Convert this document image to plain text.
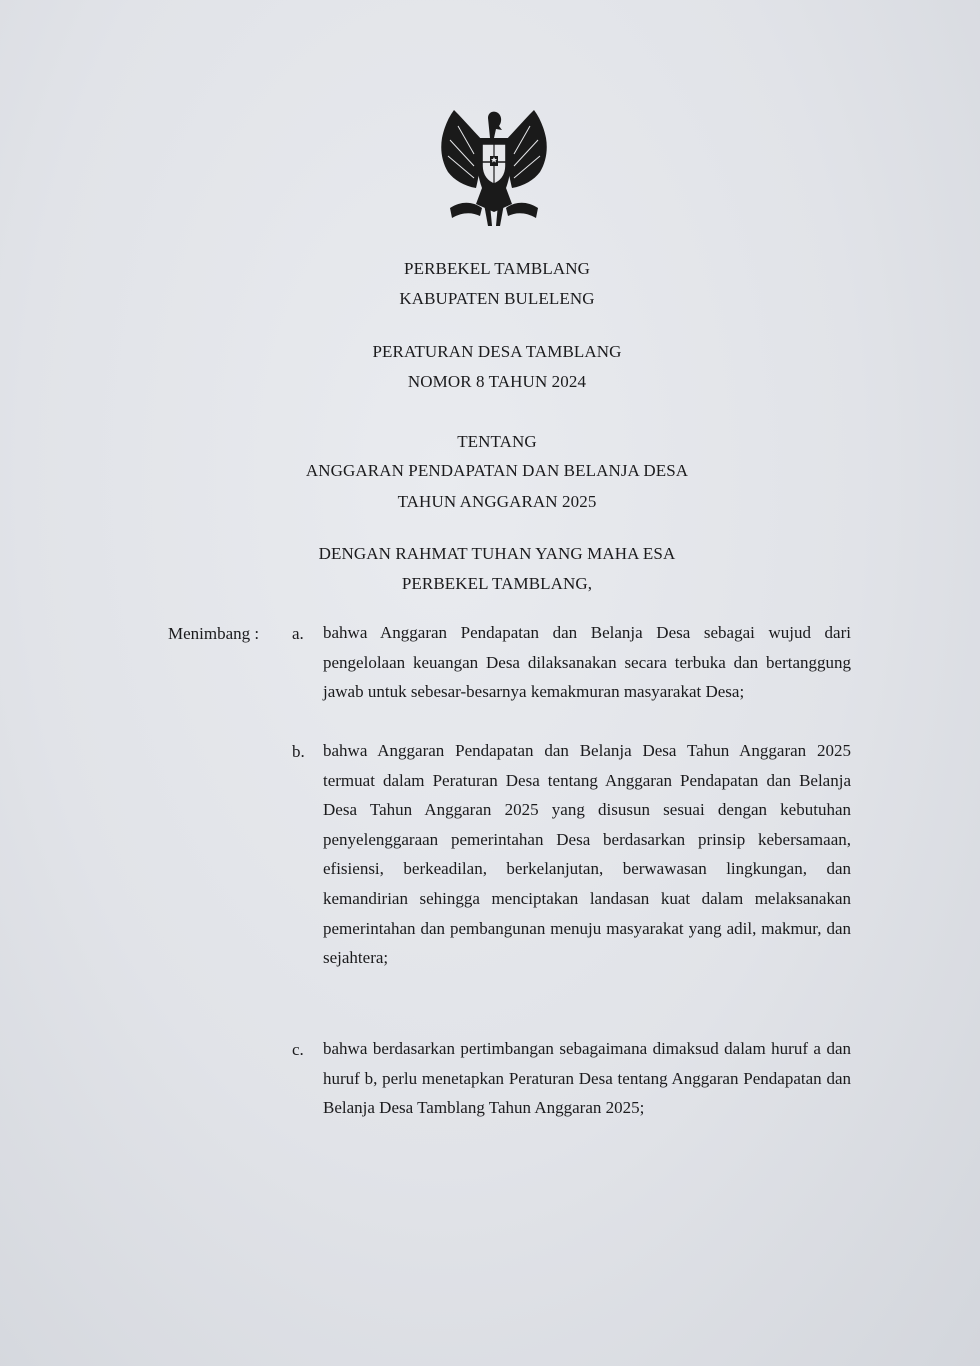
PERBEKEL TAMBLANG
KABUPATEN BULELENG
PERATURAN DESA TAMBLANG
NOMOR 8 TAHUN 2024
TENTANG
ANGGARAN PENDAPATAN DAN BELANJA DESA
TAHUN ANGGARAN 2025
DENGAN RAHMAT TUHAN YANG MAHA ESA
PERBEKEL TAMBLANG,
Menimbang : a. bahwa Anggaran Pendapatan dan Belanja Desa sebagai wujud dari pengelolaan keuangan Desa dilaksanakan secara terbuka dan bertanggung jawab untuk sebesar-besarnya kemakmuran masyarakat Desa;
b. bahwa Anggaran Pendapatan dan Belanja Desa Tahun Anggaran 2025 termuat dalam Peraturan Desa tentang Anggaran Pendapatan dan Belanja Desa Tahun Anggaran 2025 yang disusun sesuai dengan kebutuhan penyelenggaraan pemerintahan Desa berdasarkan prinsip kebersamaan, efisiensi, berkeadilan, berkelanjutan, berwawasan lingkungan, dan kemandirian sehingga menciptakan landasan kuat dalam melaksanakan pemerintahan dan pembangunan menuju masyarakat yang adil, makmur, dan sejahtera;
c. bahwa berdasarkan pertimbangan sebagaimana dimaksud dalam huruf a dan huruf b, perlu menetapkan Peraturan Desa tentang Anggaran Pendapatan dan Belanja Desa Tamblang Tahun Anggaran 2025;
